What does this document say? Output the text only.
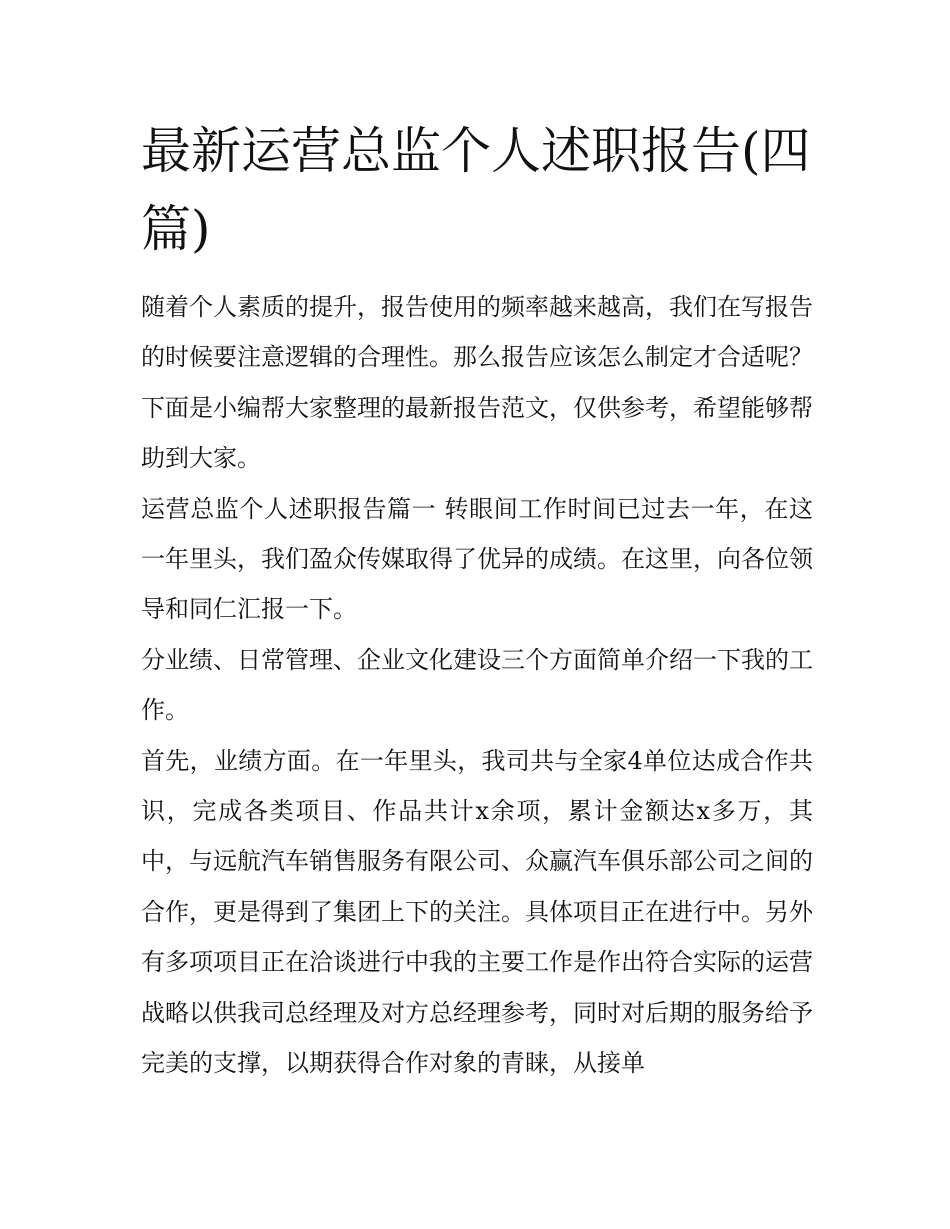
最新运营总监个人述职报告(四篇)

随着个人素质的提升，报告使用的频率越来越高，我们在写报告的时候要注意逻辑的合理性。那么报告应该怎么制定才合适呢？下面是小编帮大家整理的最新报告范文，仅供参考，希望能够帮助到大家。

运营总监个人述职报告篇一 转眼间工作时间已过去一年，在这一年里头，我们盈众传媒取得了优异的成绩。在这里，向各位领导和同仁汇报一下。

分业绩、日常管理、企业文化建设三个方面简单介绍一下我的工作。

首先，业绩方面。在一年里头，我司共与全家4单位达成合作共识，完成各类项目、作品共计x余项，累计金额达x多万，其中，与远航汽车销售服务有限公司、众赢汽车俱乐部公司之间的合作，更是得到了集团上下的关注。具体项目正在进行中。另外有多项项目正在洽谈进行中我的主要工作是作出符合实际的运营战略以供我司总经理及对方总经理参考，同时对后期的服务给予完美的支撑，以期获得合作对象的青睐，从接单
